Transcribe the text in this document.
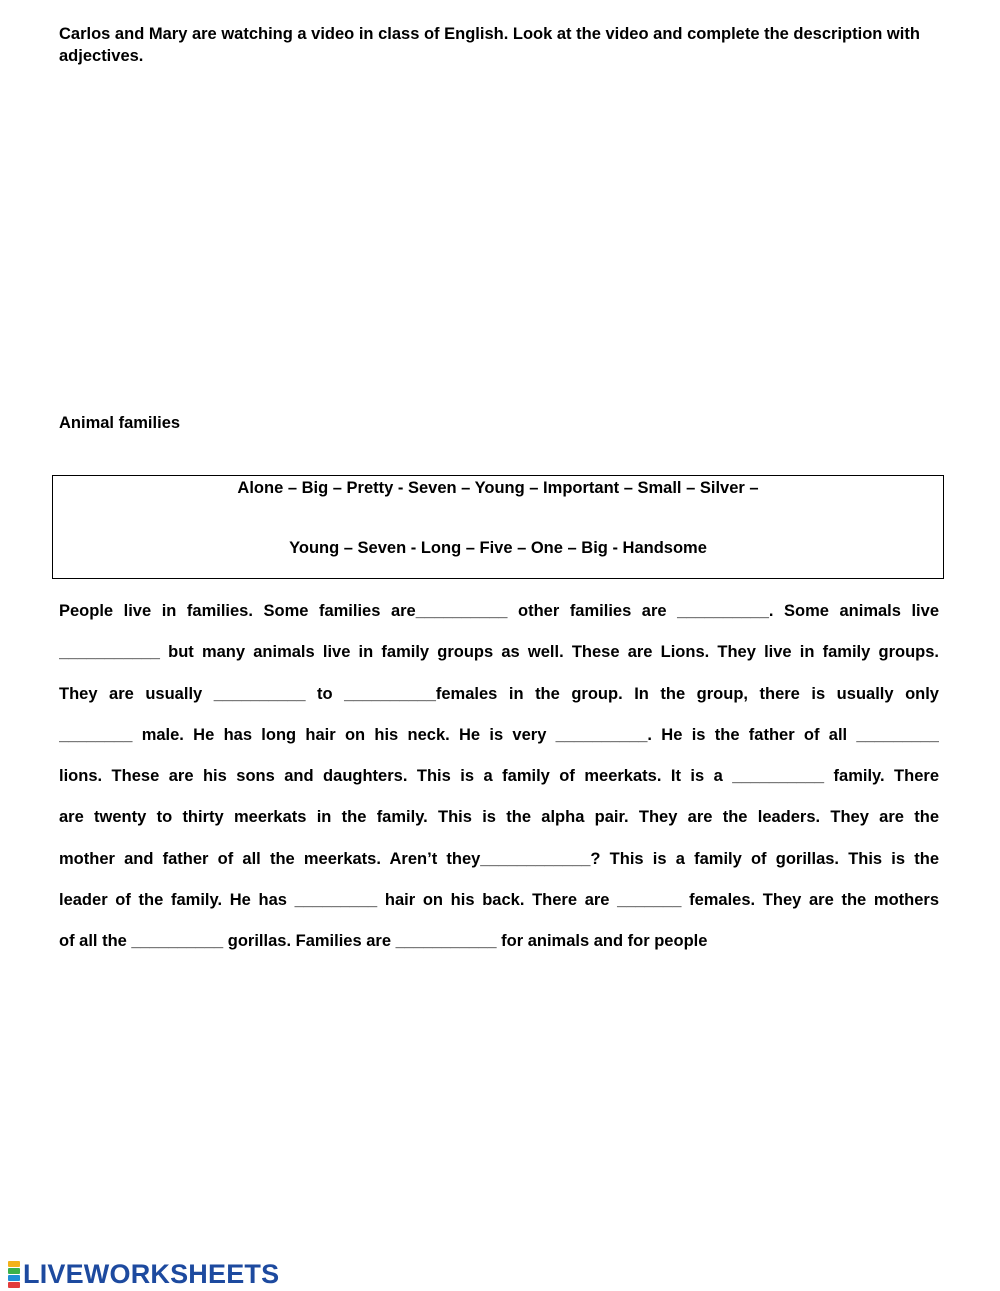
Carlos and Mary are watching a video in class of English. Look at the video and complete the description with adjectives.
Animal families
Alone – Big – Pretty - Seven – Young – Important – Small – Silver –
Young – Seven - Long – Five – One – Big - Handsome
People live in families. Some families are__________ other families are __________. Some animals live
___________ but many animals live in family groups as well. These are Lions. They live in family groups.
They are usually __________ to __________females in the group. In the group, there is usually only
________ male. He has long hair on his neck. He is very __________. He is the father of all _________
lions. These are his sons and daughters. This is a family of meerkats. It is a __________ family. There
are twenty to thirty meerkats in the family. This is the alpha pair. They are the leaders. They are the
mother and father of all the meerkats. Aren’t they____________? This is a family of gorillas. This is the
leader of the family. He has _________ hair on his back. There are _______ females. They are the mothers
of all the __________ gorillas. Families are ___________ for animals and for people
LIVEWORKSHEETS
